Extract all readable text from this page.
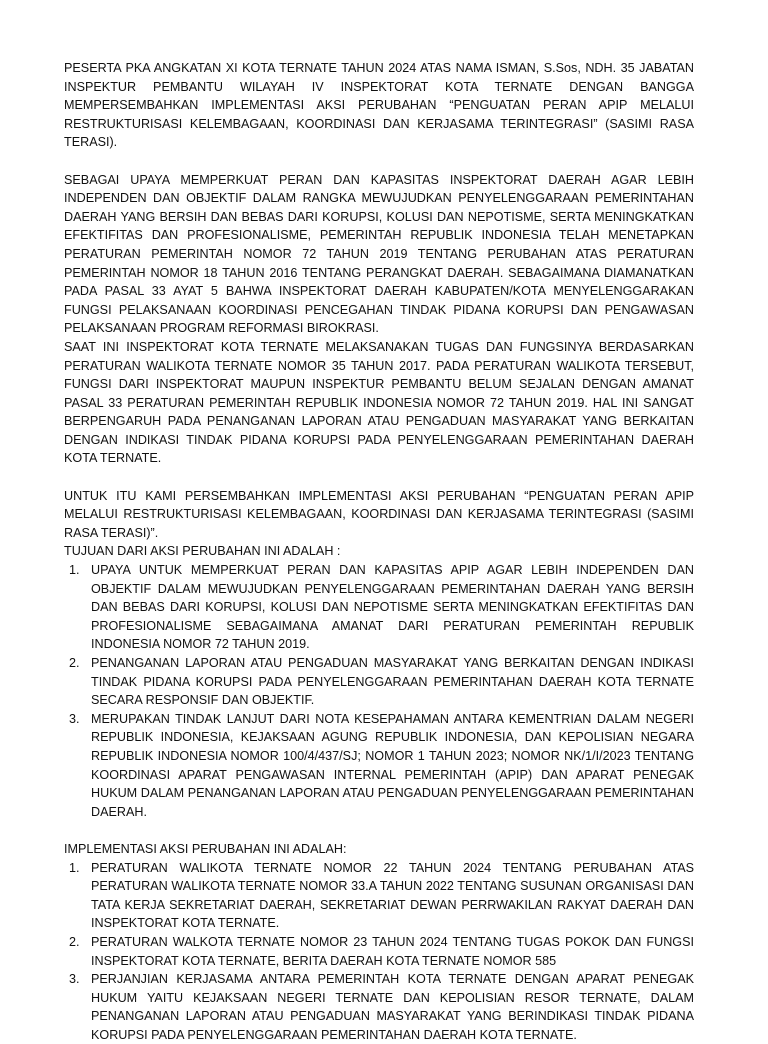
PESERTA PKA ANGKATAN XI KOTA TERNATE TAHUN 2024 ATAS NAMA ISMAN, S.Sos, NDH. 35 JABATAN INSPEKTUR PEMBANTU WILAYAH IV INSPEKTORAT KOTA TERNATE DENGAN BANGGA MEMPERSEMBAHKAN IMPLEMENTASI AKSI PERUBAHAN “PENGUATAN PERAN APIP MELALUI RESTRUKTURISASI KELEMBAGAAN, KOORDINASI DAN KERJASAMA TERINTEGRASI” (SASIMI RASA TERASI).

SEBAGAI UPAYA MEMPERKUAT PERAN DAN KAPASITAS INSPEKTORAT DAERAH AGAR LEBIH INDEPENDEN DAN OBJEKTIF DALAM RANGKA MEWUJUDKAN PENYELENGGARAAN PEMERINTAHAN DAERAH YANG BERSIH DAN BEBAS DARI KORUPSI, KOLUSI DAN NEPOTISME, SERTA MENINGKATKAN EFEKTIFITAS DAN PROFESIONALISME, PEMERINTAH REPUBLIK INDONESIA TELAH MENETAPKAN PERATURAN PEMERINTAH NOMOR 72 TAHUN 2019 TENTANG PERUBAHAN ATAS PERATURAN PEMERINTAH NOMOR 18 TAHUN 2016 TENTANG PERANGKAT DAERAH. SEBAGAIMANA DIAMANATKAN PADA PASAL 33 AYAT 5 BAHWA INSPEKTORAT DAERAH KABUPATEN/KOTA MENYELENGGARAKAN FUNGSI PELAKSANAAN KOORDINASI PENCEGAHAN TINDAK PIDANA KORUPSI DAN PENGAWASAN PELAKSANAAN PROGRAM REFORMASI BIROKRASI.

SAAT INI INSPEKTORAT KOTA TERNATE MELAKSANAKAN TUGAS DAN FUNGSINYA BERDASARKAN PERATURAN WALIKOTA TERNATE NOMOR 35 TAHUN 2017. PADA PERATURAN WALIKOTA TERSEBUT, FUNGSI DARI INSPEKTORAT MAUPUN INSPEKTUR PEMBANTU BELUM SEJALAN DENGAN AMANAT PASAL 33 PERATURAN PEMERINTAH REPUBLIK INDONESIA NOMOR 72 TAHUN 2019. HAL INI SANGAT BERPENGARUH PADA PENANGANAN LAPORAN ATAU PENGADUAN MASYARAKAT YANG BERKAITAN DENGAN INDIKASI TINDAK PIDANA KORUPSI PADA PENYELENGGARAAN PEMERINTAHAN DAERAH KOTA TERNATE.

UNTUK ITU KAMI PERSEMBAHKAN IMPLEMENTASI AKSI PERUBAHAN “PENGUATAN PERAN APIP MELALUI RESTRUKTURISASI KELEMBAGAAN, KOORDINASI DAN KERJASAMA TERINTEGRASI (SASIMI RASA TERASI)”.

TUJUAN DARI AKSI PERUBAHAN INI ADALAH :

1. UPAYA UNTUK MEMPERKUAT PERAN DAN KAPASITAS APIP AGAR LEBIH INDEPENDEN DAN OBJEKTIF DALAM MEWUJUDKAN PENYELENGGARAAN PEMERINTAHAN DAERAH YANG BERSIH DAN BEBAS DARI KORUPSI, KOLUSI DAN NEPOTISME SERTA MENINGKATKAN EFEKTIFITAS DAN PROFESIONALISME SEBAGAIMANA AMANAT DARI PERATURAN PEMERINTAH REPUBLIK INDONESIA NOMOR 72 TAHUN 2019.
2. PENANGANAN LAPORAN ATAU PENGADUAN MASYARAKAT YANG BERKAITAN DENGAN INDIKASI TINDAK PIDANA KORUPSI PADA PENYELENGGARAAN PEMERINTAHAN DAERAH KOTA TERNATE SECARA RESPONSIF DAN OBJEKTIF.
3. MERUPAKAN TINDAK LANJUT DARI NOTA KESEPAHAMAN ANTARA KEMENTRIAN DALAM NEGERI REPUBLIK INDONESIA, KEJAKSAAN AGUNG REPUBLIK INDONESIA, DAN KEPOLISIAN NEGARA REPUBLIK INDONESIA NOMOR 100/4/437/SJ; NOMOR 1 TAHUN 2023; NOMOR NK/1/I/2023 TENTANG KOORDINASI APARAT PENGAWASAN INTERNAL PEMERINTAH (APIP) DAN APARAT PENEGAK HUKUM DALAM PENANGANAN LAPORAN ATAU PENGADUAN PENYELENGGARAAN PEMERINTAHAN DAERAH.

IMPLEMENTASI AKSI PERUBAHAN INI ADALAH:

1. PERATURAN WALIKOTA TERNATE NOMOR 22 TAHUN 2024 TENTANG PERUBAHAN ATAS PERATURAN WALIKOTA TERNATE NOMOR 33.A TAHUN 2022 TENTANG SUSUNAN ORGANISASI DAN TATA KERJA SEKRETARIAT DAERAH, SEKRETARIAT DEWAN PERRWAKILAN RAKYAT DAERAH DAN INSPEKTORAT KOTA TERNATE.
2. PERATURAN WALKOTA TERNATE NOMOR 23 TAHUN 2024 TENTANG TUGAS POKOK DAN FUNGSI INSPEKTORAT KOTA TERNATE, BERITA DAERAH KOTA TERNATE NOMOR 585
3. PERJANJIAN KERJASAMA ANTARA PEMERINTAH KOTA TERNATE DENGAN APARAT PENEGAK HUKUM YAITU KEJAKSAAN NEGERI TERNATE DAN KEPOLISIAN RESOR TERNATE, DALAM PENANGANAN LAPORAN ATAU PENGADUAN MASYARAKAT YANG BERINDIKASI TINDAK PIDANA KORUPSI PADA PENYELENGGARAAN PEMERINTAHAN DAERAH KOTA TERNATE.
